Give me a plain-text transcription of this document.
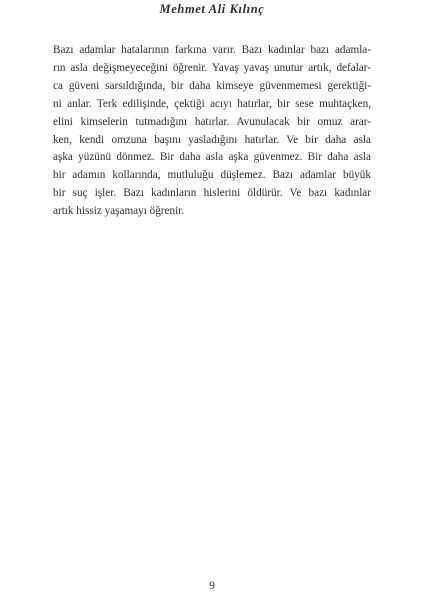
Mehmet Ali Kılınç

Bazı adamlar hatalarının farkına varır. Bazı kadınlar bazı adamla-
rın asla değişmeyeceğini öğrenir. Yavaş yavaş unutur artık, defalar-
ca güveni sarsıldığında, bir daha kimseye güvenmemesi gerektiği-
ni anlar. Terk edilişinde, çektiği acıyı hatırlar, bir sese muhtaçken,
elini kimselerin tutmadığını hatırlar. Avunulacak bir omuz arar-
ken, kendi omzuna başını yasladığını hatırlar. Ve bir daha asla
aşka yüzünü dönmez. Bir daha asla aşka güvenmez. Bir daha asla
bir adamın kollarında, mutluluğu düşlemez. Bazı adamlar büyük
bir suç işler. Bazı kadınların hislerini öldürür. Ve bazı kadınlar
artık hissiz yaşamayı öğrenir.

9
